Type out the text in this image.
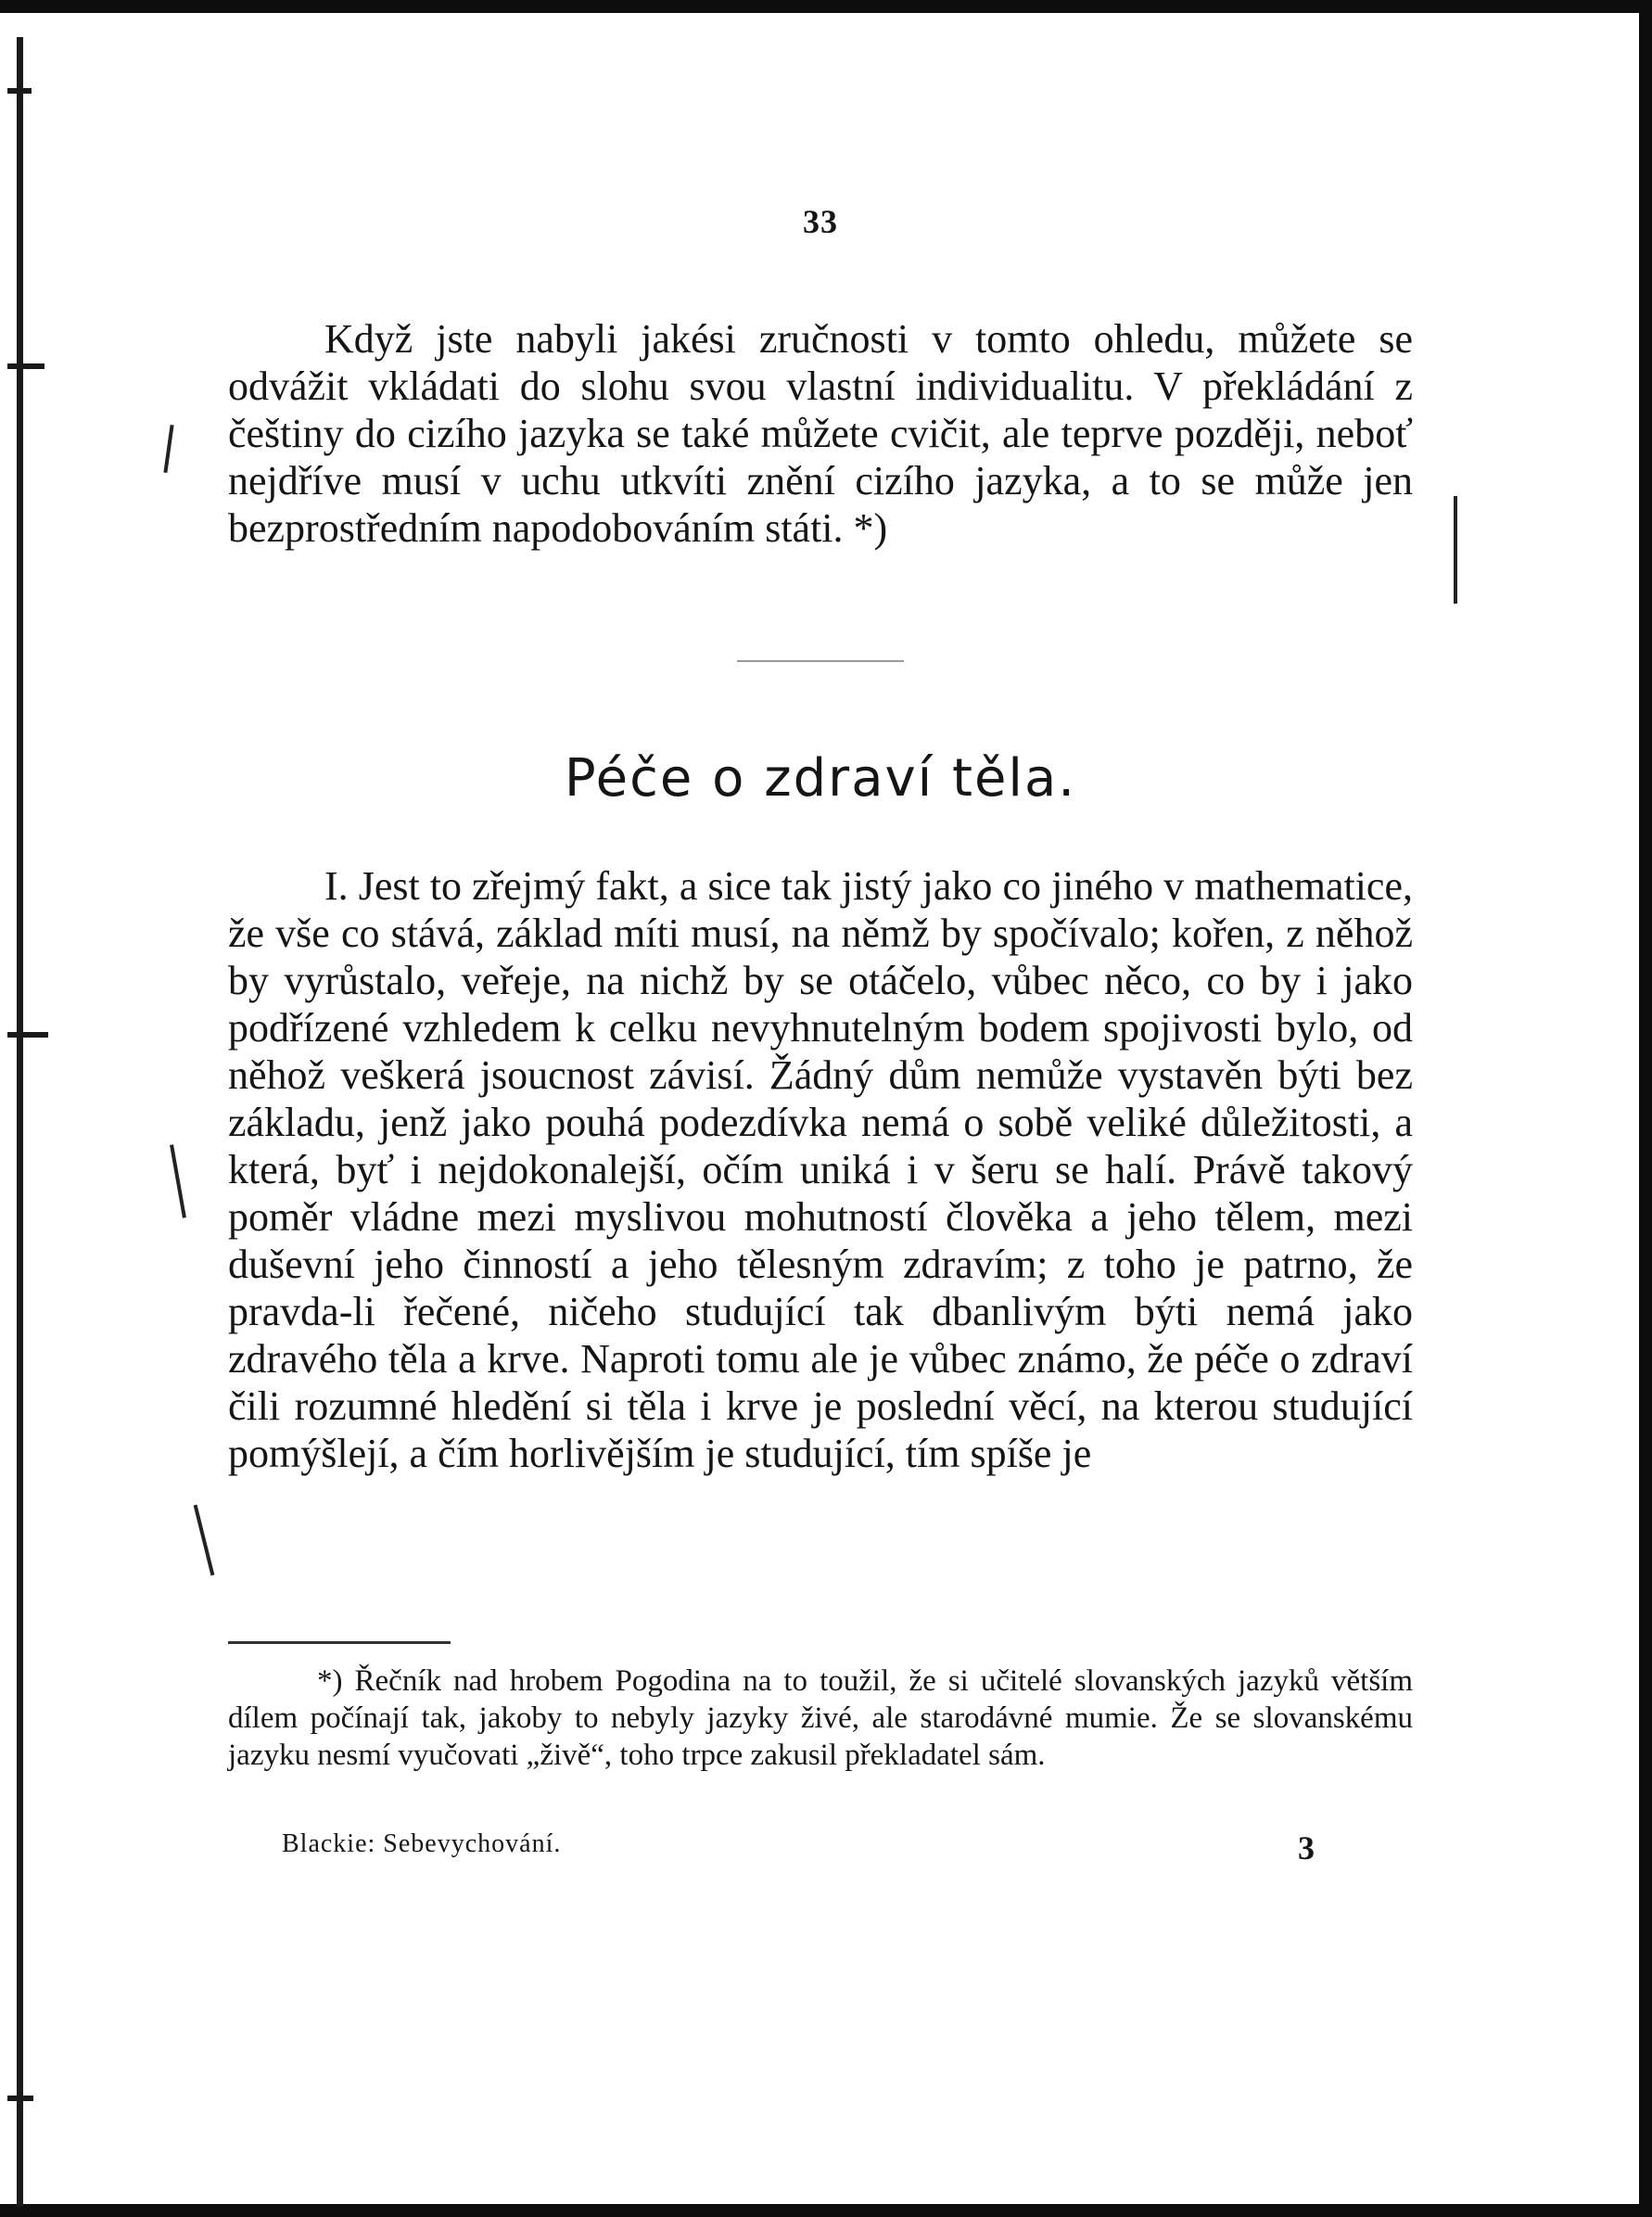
33

Když jste nabyli jakési zručnosti v tomto ohledu, můžete se odvážit vkládati do slohu svou vlastní individualitu. V překládání z češtiny do cizího jazyka se také můžete cvičit, ale teprve později, neboť nejdříve musí v uchu utkvíti znění cizího jazyka, a to se může jen bezprostředním napodobováním státi. *)

Péče o zdraví těla.

I. Jest to zřejmý fakt, a sice tak jistý jako co jiného v mathematice, že vše co stává, základ míti musí, na němž by spočívalo; kořen, z něhož by vyrůstalo, veřeje, na nichž by se otáčelo, vůbec něco, co by i jako podřízené vzhledem k celku nevyhnutelným bodem spojivosti bylo, od něhož veškerá jsoucnost závisí. Žádný dům nemůže vystavěn býti bez základu, jenž jako pouhá podezdívka nemá o sobě veliké důležitosti, a která, byť i nejdokonalejší, očím uniká i v šeru se halí. Právě takový poměr vládne mezi myslivou mohutností člověka a jeho tělem, mezi duševní jeho činností a jeho tělesným zdravím; z toho je patrno, že pravda-li řečené, ničeho studující tak dbanlivým býti nemá jako zdravého těla a krve. Naproti tomu ale je vůbec známo, že péče o zdraví čili rozumné hledění si těla i krve je poslední věcí, na kterou studující pomýšlejí, a čím horlivějším je studující, tím spíše je

*) Řečník nad hrobem Pogodina na to toužil, že si učitelé slovanských jazyků větším dílem počínají tak, jakoby to nebyly jazyky živé, ale starodávné mumie. Že se slovanskému jazyku nesmí vyučovati „živě“, toho trpce zakusil překladatel sám.

Blackie: Sebevychování.	3
